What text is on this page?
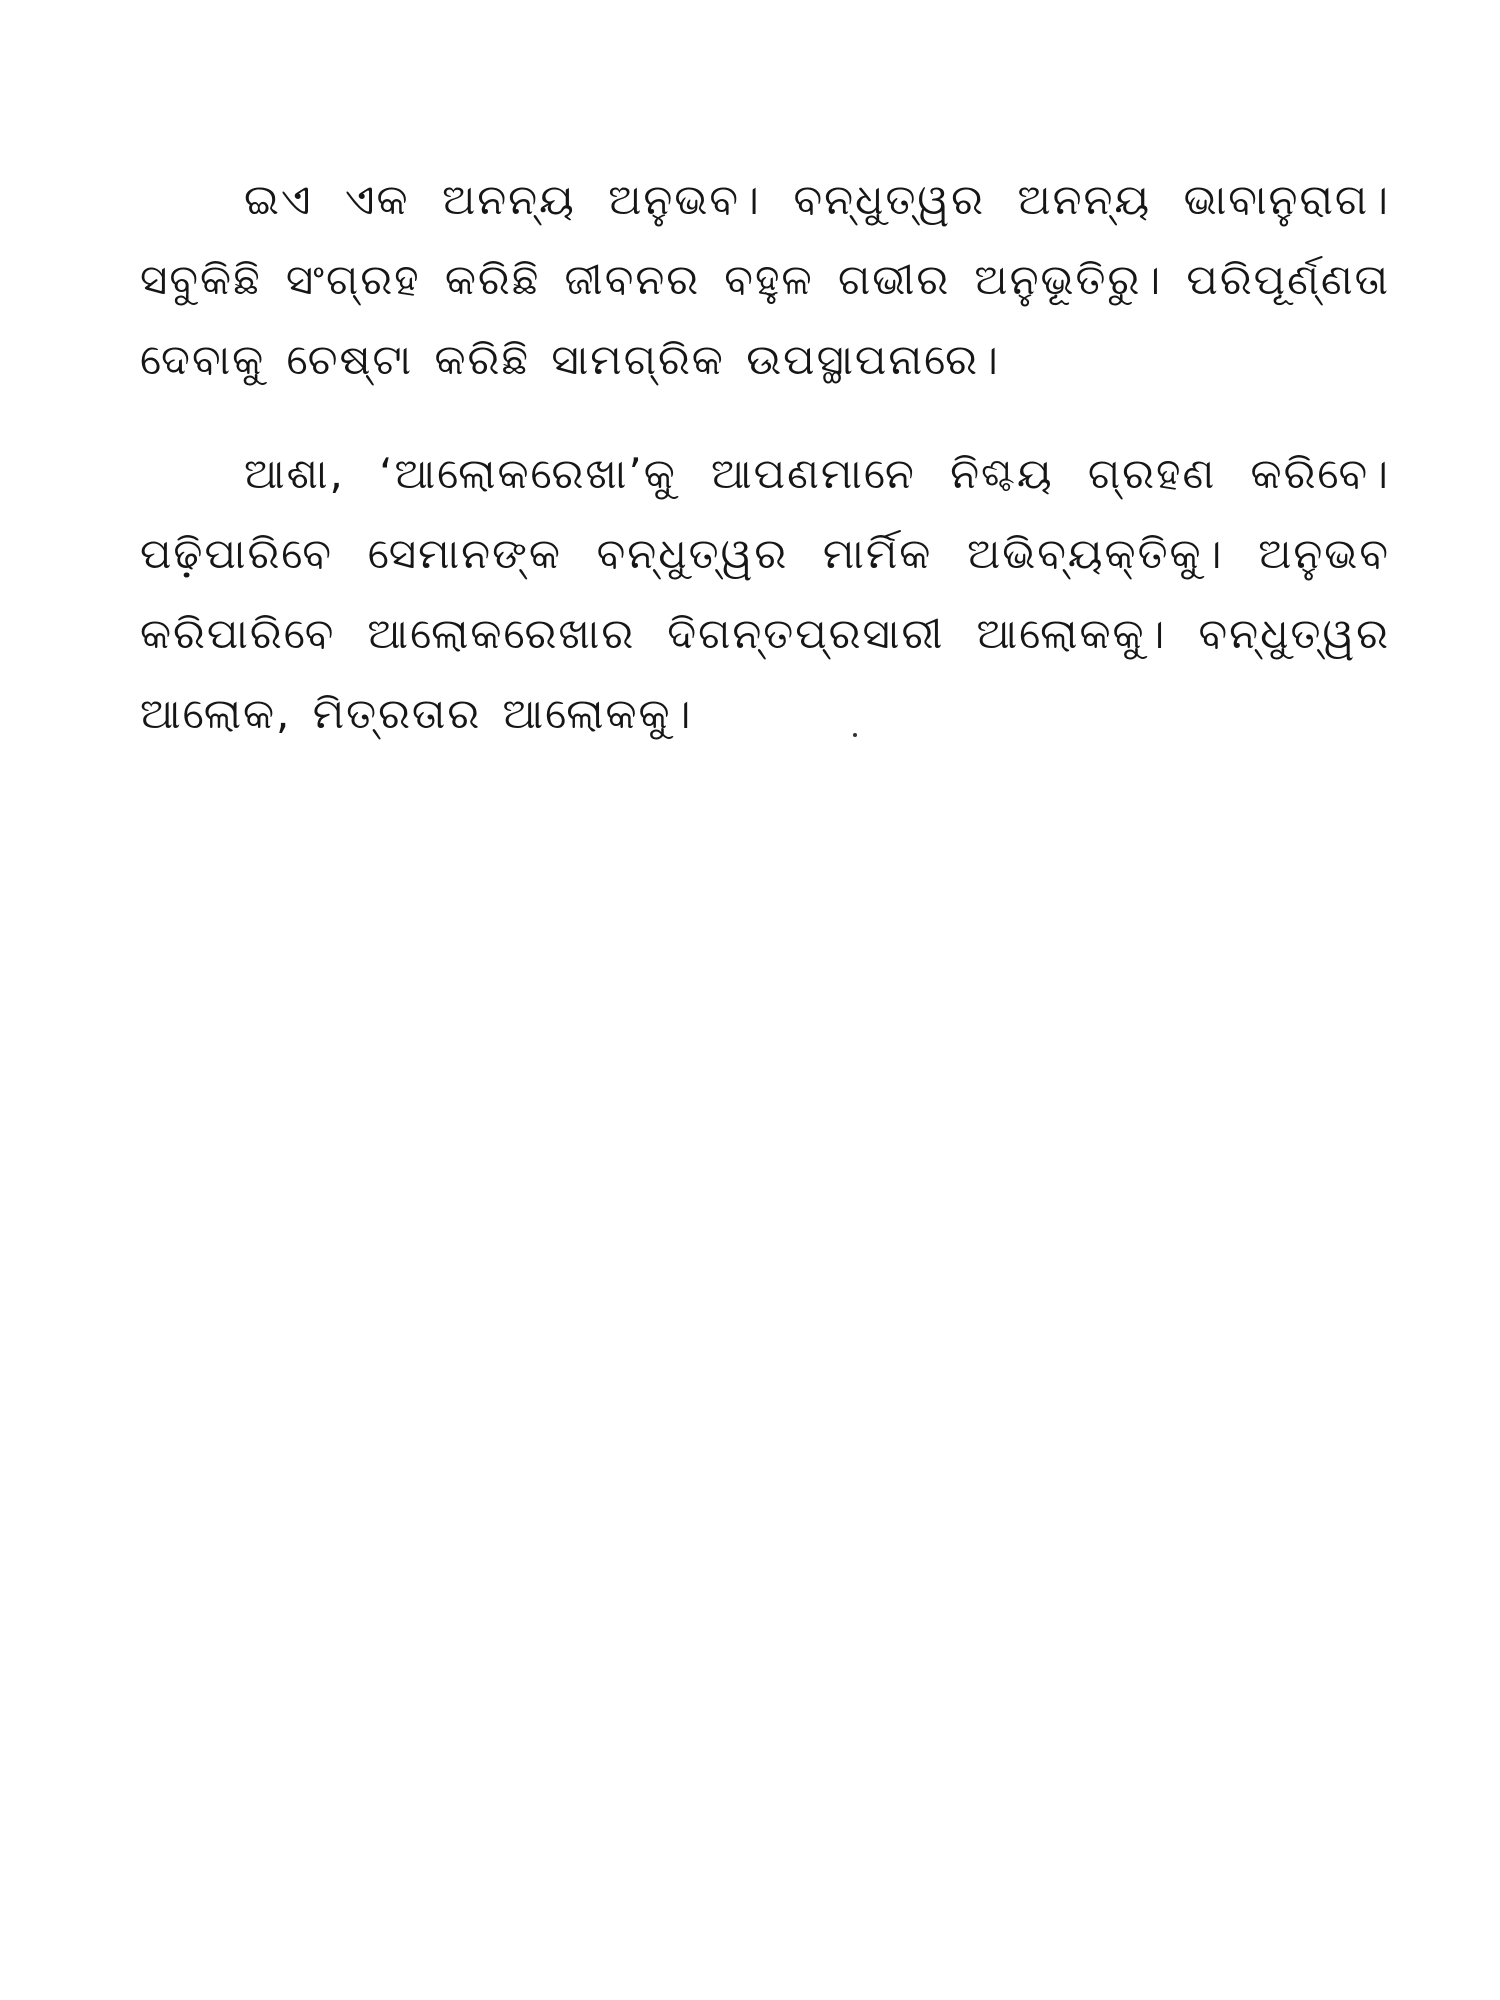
ଇଏ ଏକ ଅନନ୍ୟ ଅନୁଭବ। ବନ୍ଧୁତ୍ୱର ଅନନ୍ୟ ଭାବାନୁରାଗ। ସବୁକିଛି ସଂଗ୍ରହ କରିଛି ଜୀବନର ବହୁଳ ଗଭୀର ଅନୁଭୂତିରୁ। ପରିପୂର୍ଣ୍ଣତା ଦେବାକୁ ଚେଷ୍ଟା କରିଛି ସାମଗ୍ରିକ ଉପସ୍ଥାପନାରେ।

ଆଶା, ‘ଆଲୋକରେଖା’କୁ ଆପଣମାନେ ନିଶ୍ଚୟ ଗ୍ରହଣ କରିବେ। ପଢ଼ିପାରିବେ ସେମାନଙ୍କ ବନ୍ଧୁତ୍ୱର ମାର୍ମିକ ଅଭିବ୍ୟକ୍ତିକୁ। ଅନୁଭବ କରିପାରିବେ ଆଲୋକରେଖାର ଦିଗନ୍ତପ୍ରସାରୀ ଆଲୋକକୁ। ବନ୍ଧୁତ୍ୱର ଆଲୋକ, ମିତ୍ରତାର ଆଲୋକକୁ।
